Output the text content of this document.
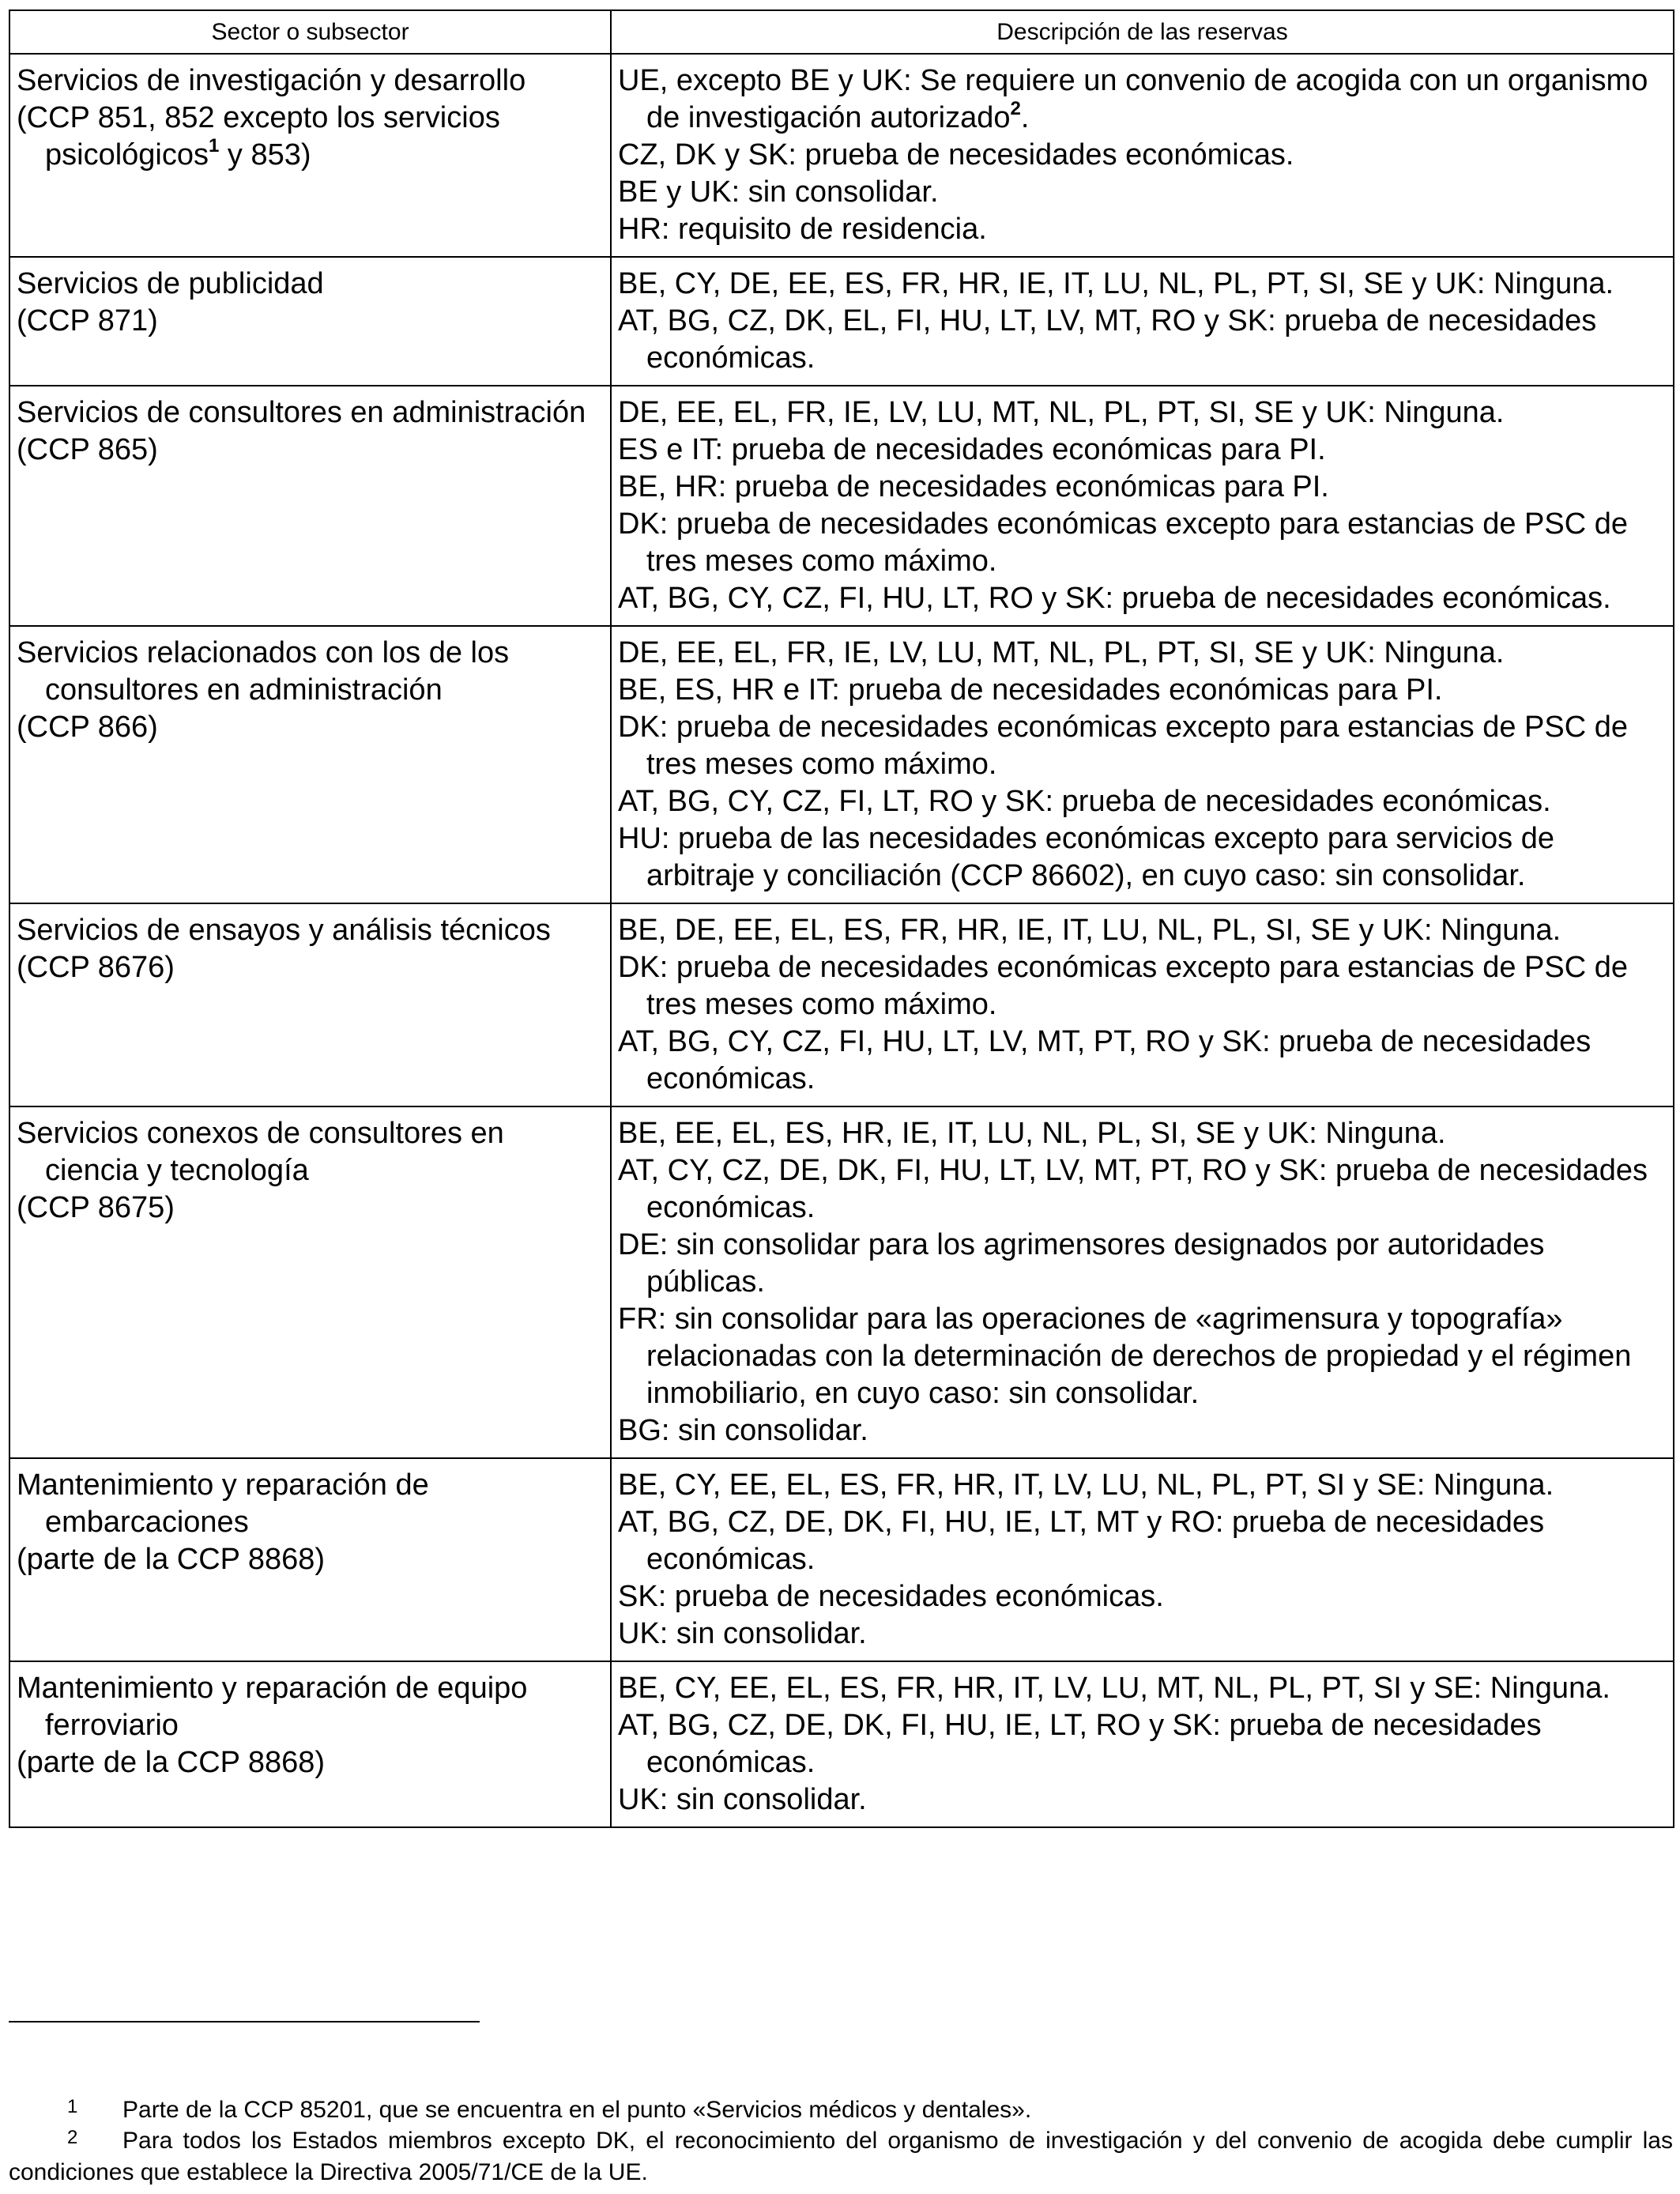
Sector o subsector	Descripción de las reservas

Servicios de investigación y desarrollo
(CCP 851, 852 excepto los servicios psicológicos$^1$ y 853)	UE, excepto BE y UK: Se requiere un convenio de acogida con un organismo de investigación autorizado$^2$.
CZ, DK y SK: prueba de necesidades económicas.
BE y UK: sin consolidar.
HR: requisito de residencia.

Servicios de publicidad
(CCP 871)	BE, CY, DE, EE, ES, FR, HR, IE, IT, LU, NL, PL, PT, SI, SE y UK: Ninguna.
AT, BG, CZ, DK, EL, FI, HU, LT, LV, MT, RO y SK: prueba de necesidades económicas.

Servicios de consultores en administración
(CCP 865)	DE, EE, EL, FR, IE, LV, LU, MT, NL, PL, PT, SI, SE y UK: Ninguna.
ES e IT: prueba de necesidades económicas para PI.
BE, HR: prueba de necesidades económicas para PI.
DK: prueba de necesidades económicas excepto para estancias de PSC de tres meses como máximo.
AT, BG, CY, CZ, FI, HU, LT, RO y SK: prueba de necesidades económicas.

Servicios relacionados con los de los consultores en administración
(CCP 866)	DE, EE, EL, FR, IE, LV, LU, MT, NL, PL, PT, SI, SE y UK: Ninguna.
BE, ES, HR e IT: prueba de necesidades económicas para PI.
DK: prueba de necesidades económicas excepto para estancias de PSC de tres meses como máximo.
AT, BG, CY, CZ, FI, LT, RO y SK: prueba de necesidades económicas.
HU: prueba de las necesidades económicas excepto para servicios de arbitraje y conciliación (CCP 86602), en cuyo caso: sin consolidar.

Servicios de ensayos y análisis técnicos
(CCP 8676)	BE, DE, EE, EL, ES, FR, HR, IE, IT, LU, NL, PL, SI, SE y UK: Ninguna.
DK: prueba de necesidades económicas excepto para estancias de PSC de tres meses como máximo.
AT, BG, CY, CZ, FI, HU, LT, LV, MT, PT, RO y SK: prueba de necesidades económicas.

Servicios conexos de consultores en ciencia y tecnología
(CCP 8675)	BE, EE, EL, ES, HR, IE, IT, LU, NL, PL, SI, SE y UK: Ninguna.
AT, CY, CZ, DE, DK, FI, HU, LT, LV, MT, PT, RO y SK: prueba de necesidades económicas.
DE: sin consolidar para los agrimensores designados por autoridades públicas.
FR: sin consolidar para las operaciones de «agrimensura y topografía» relacionadas con la determinación de derechos de propiedad y el régimen inmobiliario, en cuyo caso: sin consolidar.
BG: sin consolidar.

Mantenimiento y reparación de embarcaciones
(parte de la CCP 8868)	BE, CY, EE, EL, ES, FR, HR, IT, LV, LU, NL, PL, PT, SI y SE: Ninguna.
AT, BG, CZ, DE, DK, FI, HU, IE, LT, MT y RO: prueba de necesidades económicas.
SK: prueba de necesidades económicas.
UK: sin consolidar.

Mantenimiento y reparación de equipo ferroviario
(parte de la CCP 8868)	BE, CY, EE, EL, ES, FR, HR, IT, LV, LU, MT, NL, PL, PT, SI y SE: Ninguna.
AT, BG, CZ, DE, DK, FI, HU, IE, LT, RO y SK: prueba de necesidades económicas.
UK: sin consolidar.
1 Parte de la CCP 85201, que se encuentra en el punto «Servicios médicos y dentales».
2 Para todos los Estados miembros excepto DK, el reconocimiento del organismo de investigación y del convenio de acogida debe cumplir las condiciones que establece la Directiva 2005/71/CE de la UE.
